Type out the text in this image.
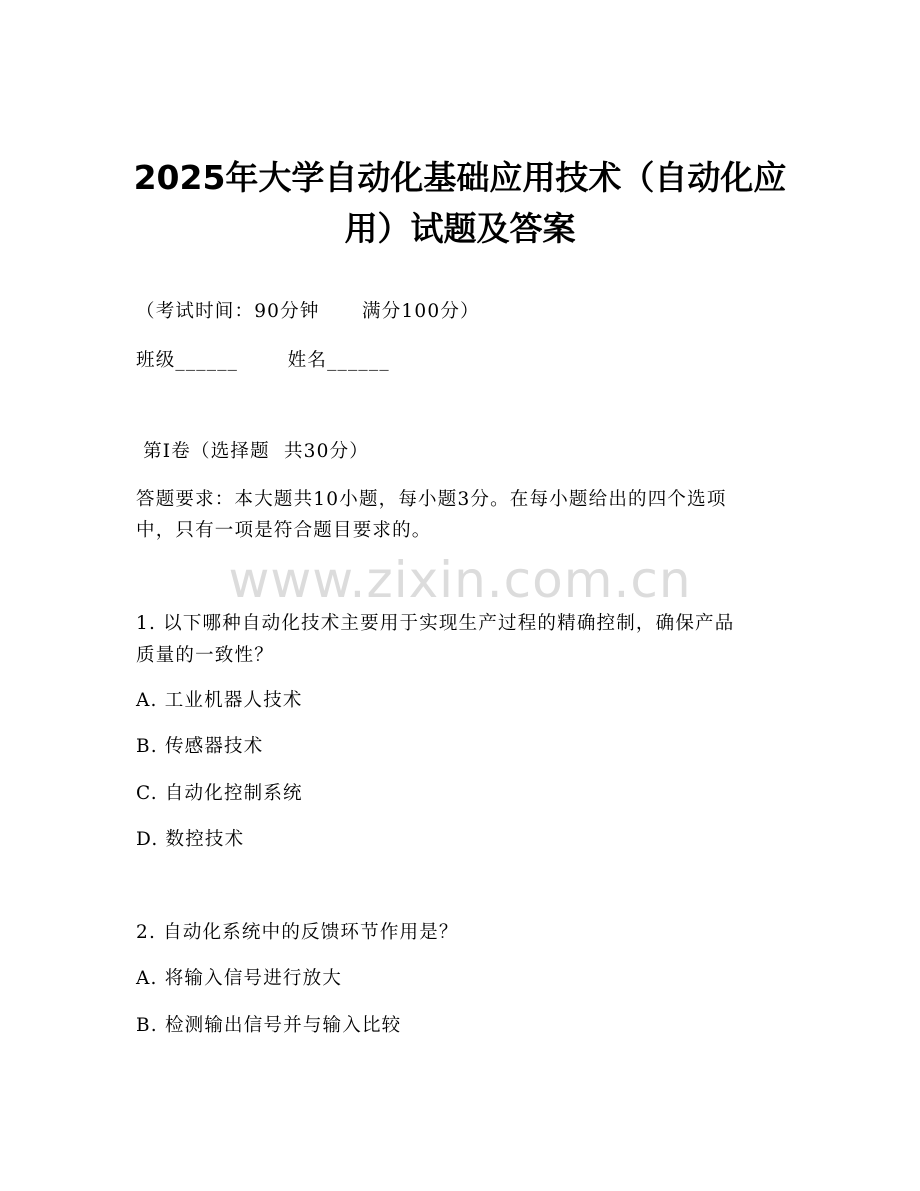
2025年大学自动化基础应用技术（自动化应
用）试题及答案

（考试时间：90分钟      满分100分）

班级______       姓名______

第Ⅰ卷（选择题  共30分）

答题要求：本大题共10小题，每小题3分。在每小题给出的四个选项

中，只有一项是符合题目要求的。

www.zixin.com.cn

1. 以下哪种自动化技术主要用于实现生产过程的精确控制，确保产品

质量的一致性？

A. 工业机器人技术

B. 传感器技术

C. 自动化控制系统

D. 数控技术

2. 自动化系统中的反馈环节作用是？

A. 将输入信号进行放大

B. 检测输出信号并与输入比较
